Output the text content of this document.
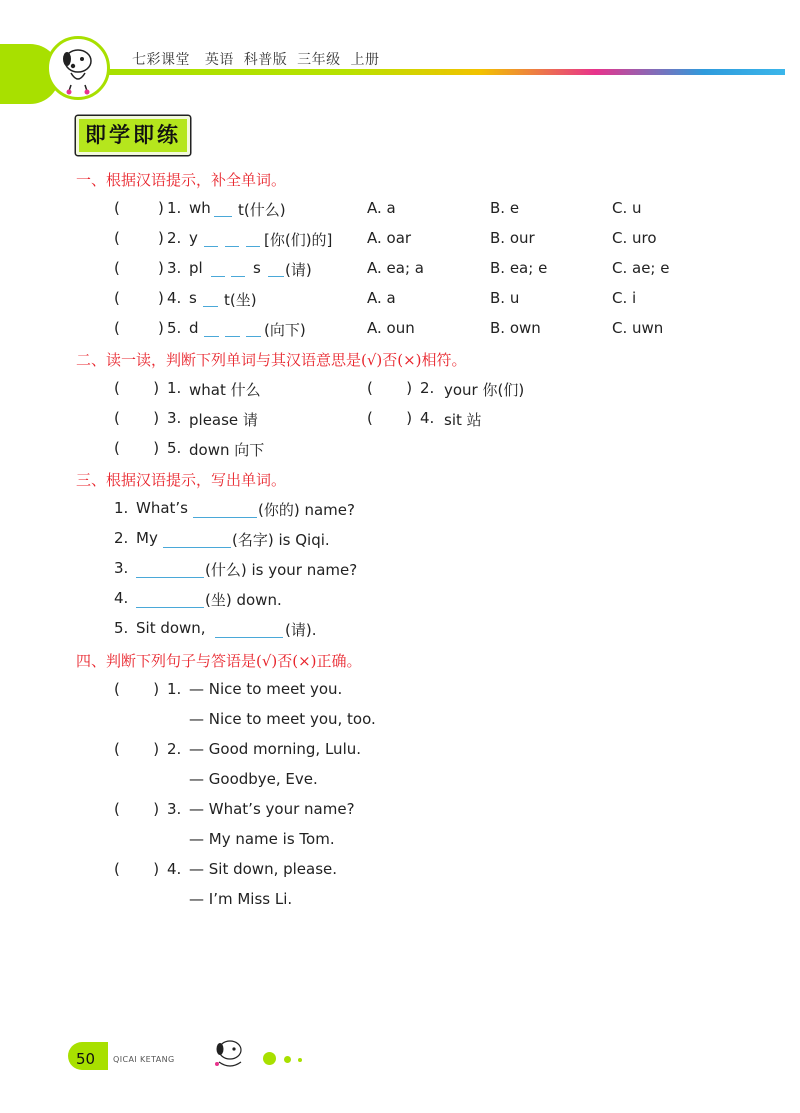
七彩课堂   英语  科普版  三年级  上册
即学即练
一、根据汉语提示，补全单词。
(	) 1. wh t(什么)	A. a	B. e	C. u
(	) 2. y	[你(们)的] A. oar	B. our	C. uro
(	) 3. pl	s (请)	A. ea; a	B. ea; e	C. ae; e
(	) 4. s t(坐)	A. a	B. u	C. i
(	) 5. d	(向下)	A. oun	B. own	C. uwn
二、读一读，判断下列单词与其汉语意思是(√)否(×)相符。
(       ) 1. what 什么	(       ) 2. your 你(们)
(       ) 3. please 请	(       ) 4. sit 站
(       ) 5. down 向下
三、根据汉语提示，写出单词。
1. What’s	(你的) name?
2. My	(名字) is Qiqi.
3.	(什么) is your name?
4.	(坐) down.
5. Sit down,	(请).
四、判断下列句子与答语是(√)否(×)正确。
(       ) 1. — Nice to meet you.
— Nice to meet you, too.
(       ) 2. — Good morning, Lulu.
— Goodbye, Eve.
(       ) 3. — What’s your name?
— My name is Tom.
(       ) 4. — Sit down, please.
— I’m Miss Li.
50 QICAI KETANG
